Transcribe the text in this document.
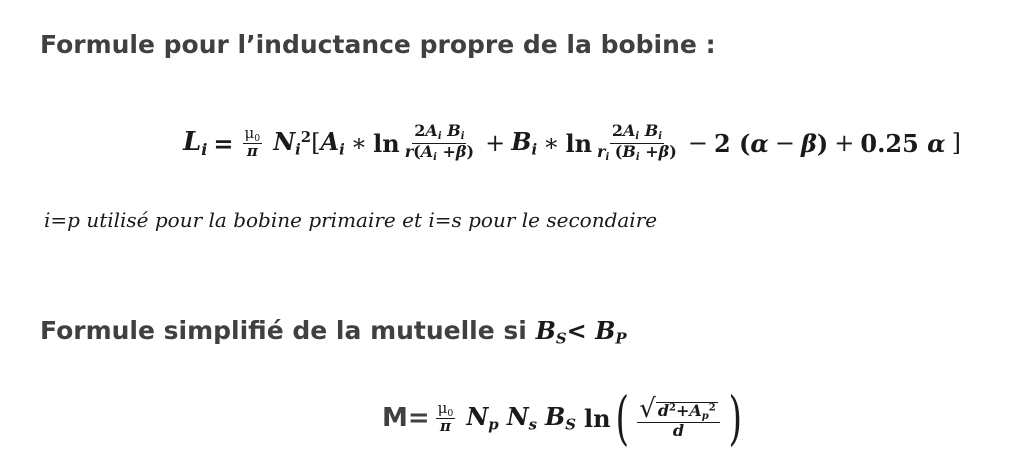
Formule pour l’inductance propre de la bobine :
$L_i = \frac{\mu_0}{\pi} N_i^2$ [ $A_i$ ∗ $\ln \frac{2A_i B_i}{r(A_i +\beta)} + B_i$ ∗ $\ln \frac{2A_i B_i}{r_i (B_i +\beta)} - 2$ ( α − β ) + 0.25 α ]
i=p utilisé pour la bobine primaire et i=s pour le secondaire
Formule simplifié de la mutuelle si $B_S< B_P$
$M= \frac{\mu_0}{\pi} N_p$ $N_s$ $B_S$ ln ( $\frac{√ d^2+A_p^2}{d}$ )
